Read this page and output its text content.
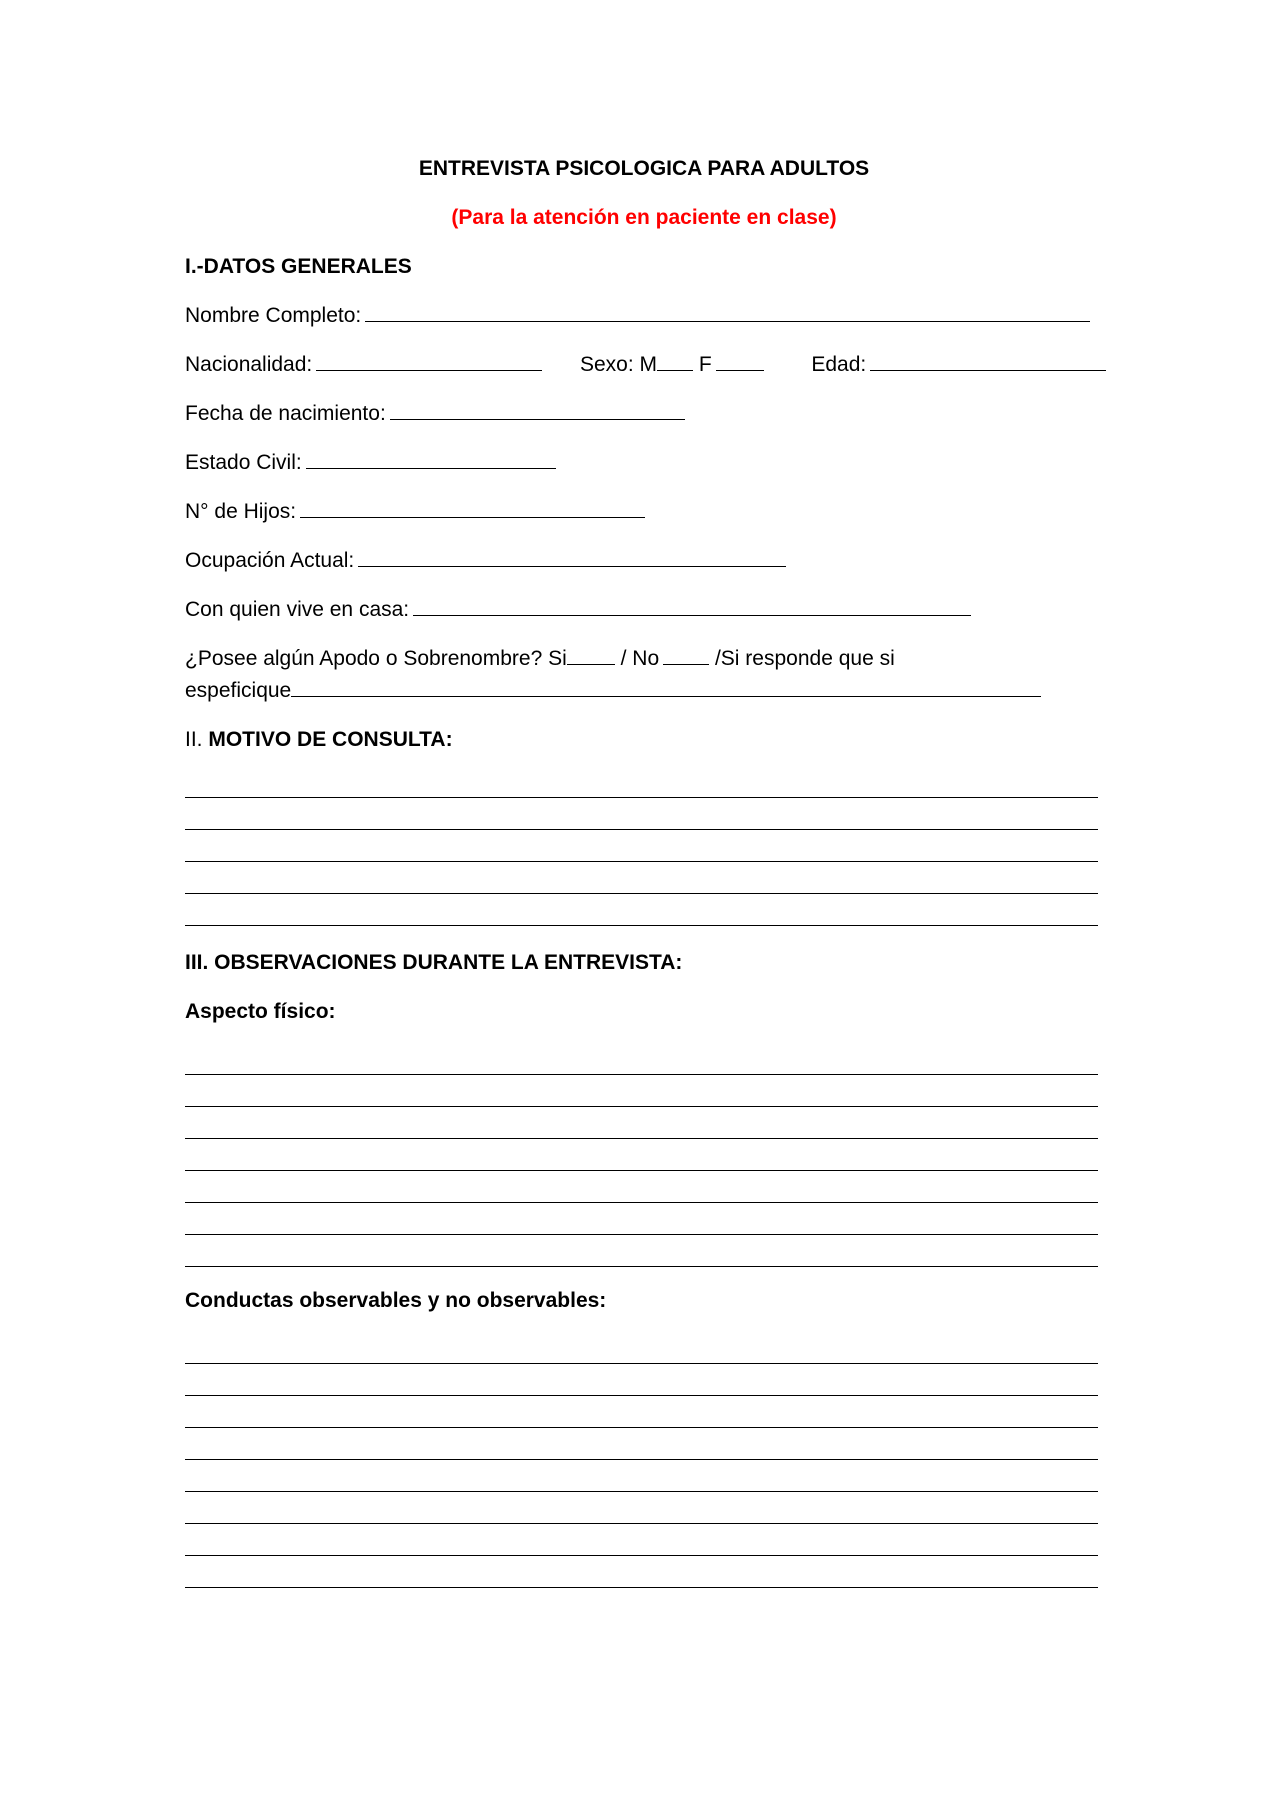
ENTREVISTA PSICOLOGICA PARA ADULTOS
(Para la atención en paciente en clase)
I.-DATOS GENERALES
Nombre Completo:
Nacionalidad:	Sexo: M F	Edad:
Fecha de nacimiento:
Estado Civil:
N° de Hijos:
Ocupación Actual:
Con quien vive en casa:
¿Posee algún Apodo o Sobrenombre? Si	/ No	/Si responde que si
espeficique
II. MOTIVO DE CONSULTA:
III. OBSERVACIONES DURANTE LA ENTREVISTA:
Aspecto físico:
Conductas observables y no observables:
